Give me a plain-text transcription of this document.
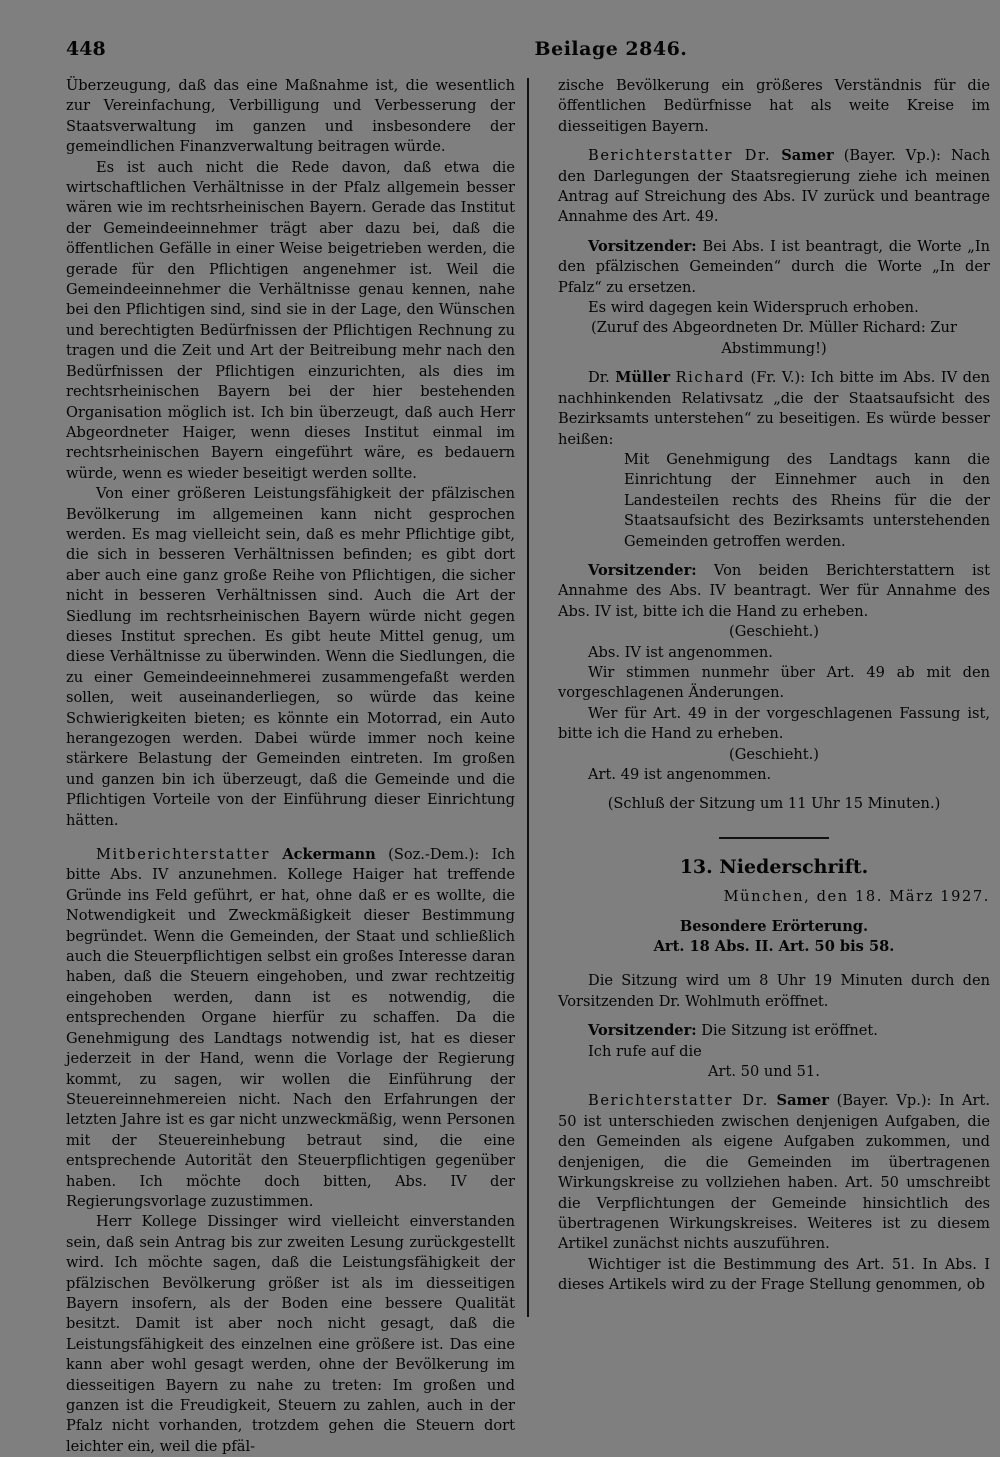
448	Beilage 2846.

Überzeugung, daß das eine Maßnahme ist, die wesentlich zur Vereinfachung, Verbilligung und Verbesserung der Staatsverwaltung im ganzen und insbesondere der gemeindlichen Finanzverwaltung beitragen würde.

Es ist auch nicht die Rede davon, daß etwa die wirtschaftlichen Verhältnisse in der Pfalz allgemein besser wären wie im rechtsrheinischen Bayern. Gerade das Institut der Gemeindeeinnehmer trägt aber dazu bei, daß die öffentlichen Gefälle in einer Weise beigetrieben werden, die gerade für den Pflichtigen angenehmer ist. Weil die Gemeindeeinnehmer die Verhältnisse genau kennen, nahe bei den Pflichtigen sind, sind sie in der Lage, den Wünschen und berechtigten Bedürfnissen der Pflichtigen Rechnung zu tragen und die Zeit und Art der Beitreibung mehr nach den Bedürfnissen der Pflichtigen einzurichten, als dies im rechtsrheinischen Bayern bei der hier bestehenden Organisation möglich ist. Ich bin überzeugt, daß auch Herr Abgeordneter Haiger, wenn dieses Institut einmal im rechtsrheinischen Bayern eingeführt wäre, es bedauern würde, wenn es wieder beseitigt werden sollte.

Von einer größeren Leistungsfähigkeit der pfälzischen Bevölkerung im allgemeinen kann nicht gesprochen werden. Es mag vielleicht sein, daß es mehr Pflichtige gibt, die sich in besseren Verhältnissen befinden; es gibt dort aber auch eine ganz große Reihe von Pflichtigen, die sicher nicht in besseren Verhältnissen sind. Auch die Art der Siedlung im rechtsrheinischen Bayern würde nicht gegen dieses Institut sprechen. Es gibt heute Mittel genug, um diese Verhältnisse zu überwinden. Wenn die Siedlungen, die zu einer Gemeindeeinnehmerei zusammengefaßt werden sollen, weit auseinanderliegen, so würde das keine Schwierigkeiten bieten; es könnte ein Motorrad, ein Auto herangezogen werden. Dabei würde immer noch keine stärkere Belastung der Gemeinden eintreten. Im großen und ganzen bin ich überzeugt, daß die Gemeinde und die Pflichtigen Vorteile von der Einführung dieser Einrichtung hätten.

Mitberichterstatter Ackermann (Soz.-Dem.): Ich bitte Abs. IV anzunehmen. Kollege Haiger hat treffende Gründe ins Feld geführt, er hat, ohne daß er es wollte, die Notwendigkeit und Zweckmäßigkeit dieser Bestimmung begründet. Wenn die Gemeinden, der Staat und schließlich auch die Steuerpflichtigen selbst ein großes Interesse daran haben, daß die Steuern eingehoben, und zwar rechtzeitig eingehoben werden, dann ist es notwendig, die entsprechenden Organe hierfür zu schaffen. Da die Genehmigung des Landtags notwendig ist, hat es dieser jederzeit in der Hand, wenn die Vorlage der Regierung kommt, zu sagen, wir wollen die Einführung der Steuereinnehmereien nicht. Nach den Erfahrungen der letzten Jahre ist es gar nicht unzweckmäßig, wenn Personen mit der Steuereinhebung betraut sind, die eine entsprechende Autorität den Steuerpflichtigen gegenüber haben. Ich möchte doch bitten, Abs. IV der Regierungsvorlage zuzustimmen.

Herr Kollege Dissinger wird vielleicht einverstanden sein, daß sein Antrag bis zur zweiten Lesung zurückgestellt wird. Ich möchte sagen, daß die Leistungsfähigkeit der pfälzischen Bevölkerung größer ist als im diesseitigen Bayern insofern, als der Boden eine bessere Qualität besitzt. Damit ist aber noch nicht gesagt, daß die Leistungsfähigkeit des einzelnen eine größere ist. Das eine kann aber wohl gesagt werden, ohne der Bevölkerung im diesseitigen Bayern zu nahe zu treten: Im großen und ganzen ist die Freudigkeit, Steuern zu zahlen, auch in der Pfalz nicht vorhanden, trotzdem gehen die Steuern dort leichter ein, weil die pfäl-

zische Bevölkerung ein größeres Verständnis für die öffentlichen Bedürfnisse hat als weite Kreise im diesseitigen Bayern.

Berichterstatter Dr. Samer (Bayer. Vp.): Nach den Darlegungen der Staatsregierung ziehe ich meinen Antrag auf Streichung des Abs. IV zurück und beantrage Annahme des Art. 49.

Vorsitzender: Bei Abs. I ist beantragt, die Worte „In den pfälzischen Gemeinden“ durch die Worte „In der Pfalz“ zu ersetzen.

Es wird dagegen kein Widerspruch erhoben.

(Zuruf des Abgeordneten Dr. Müller Richard: Zur Abstimmung!)

Dr. Müller Richard (Fr. V.): Ich bitte im Abs. IV den nachhinkenden Relativsatz „die der Staatsaufsicht des Bezirksamts unterstehen“ zu beseitigen. Es würde besser heißen:

Mit Genehmigung des Landtags kann die Einrichtung der Einnehmer auch in den Landesteilen rechts des Rheins für die der Staatsaufsicht des Bezirksamts unterstehenden Gemeinden getroffen werden.

Vorsitzender: Von beiden Berichterstattern ist Annahme des Abs. IV beantragt. Wer für Annahme des Abs. IV ist, bitte ich die Hand zu erheben.

(Geschieht.)

Abs. IV ist angenommen.

Wir stimmen nunmehr über Art. 49 ab mit den vorgeschlagenen Änderungen.

Wer für Art. 49 in der vorgeschlagenen Fassung ist, bitte ich die Hand zu erheben.

(Geschieht.)

Art. 49 ist angenommen.

(Schluß der Sitzung um 11 Uhr 15 Minuten.)

13. Niederschrift.

München, den 18. März 1927.

Besondere Erörterung.

Art. 18 Abs. II. Art. 50 bis 58.

Die Sitzung wird um 8 Uhr 19 Minuten durch den Vorsitzenden Dr. Wohlmuth eröffnet.

Vorsitzender: Die Sitzung ist eröffnet.

Ich rufe auf die

Art. 50 und 51.

Berichterstatter Dr. Samer (Bayer. Vp.): In Art. 50 ist unterschieden zwischen denjenigen Aufgaben, die den Gemeinden als eigene Aufgaben zukommen, und denjenigen, die die Gemeinden im übertragenen Wirkungskreise zu vollziehen haben. Art. 50 umschreibt die Verpflichtungen der Gemeinde hinsichtlich des übertragenen Wirkungskreises. Weiteres ist zu diesem Artikel zunächst nichts auszuführen.

Wichtiger ist die Bestimmung des Art. 51. In Abs. I dieses Artikels wird zu der Frage Stellung genommen, ob
